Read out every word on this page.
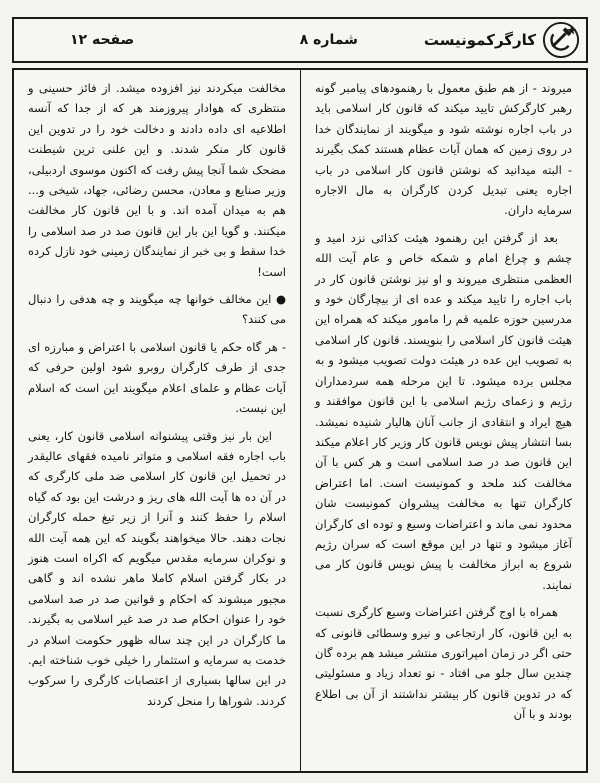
کارگرکمونیست
شماره ۸
صفحه ۱۲

میروند - از هم طبق معمول با رهنمودهای پیامبر گونه رهبر کارگرکش تایید میکند که قانون کار اسلامی باید در باب اجاره نوشته شود و میگویند از نمایندگان خدا در روی زمین که همان آیات عظام هستند کمک بگیرند - البته میدانید که نوشتن قانون کار اسلامی در باب اجاره یعنی تبدیل کردن کارگران به مال الاجاره سرمایه داران.

بعد از گرفتن این رهنمود هیئت کذائی نزد امید و چشم و چراغ امام و شمکه خاص و عام آیت الله العظمی منتظری میروند و او نیز نوشتن قانون کار در باب اجاره را تایید میکند و عده ای از بیچارگان خود و مدرسین حوزه علمیه قم را مامور میکند که همراه این هیئت قانون کار اسلامی را بنویسند. قانون کار اسلامی به تصویب این عده در هیئت دولت تصویب میشود و به مجلس برده میشود. تا این مرحله همه سردمداران رژیم و زعمای رژیم اسلامی با این قانون موافقند و هیچ ایراد و انتقادی از جانب آنان هالیار شنیده نمیشد. بسا انتشار پیش نویس قانون کار وزیر کار اعلام میکند این قانون صد در صد اسلامی است و هر کس با آن مخالفت کند ملحد و کمونیست است. اما اعتراض کارگران تنها به مخالفت پیشروان کمونیست شان محدود نمی ماند و اعتراضات وسیع و توده ای کارگران آغاز میشود و تنها در این موقع است که سران رژیم شروع به ابراز مخالفت با پیش نویس قانون کار می نمایند.

همراه با اوج گرفتن اعتراضات وسیع کارگری نسبت به این قانون، کار ارتجاعی و نیرو وسطائی قانونی که حتی اگر در زمان امپراتوری منتشر میشد هم برده گان چندین سال جلو می افتاد - نو تعداد زیاد و مسئولیتی که در تدوین قانون کار بیشتر نداشتند از آن بی اطلاع بودند و با آن

مخالفت میکردند نیز افزوده میشد. از فائز حسینی و منتظری که هوادار پیروزمند هر که از جدا که آنسه اطلاعیه ای داده دادند و دخالت خود را در تدوین این قانون کار منکر شدند. و این علنی ترین شیطنت مضحک شما آنجا پیش رفت که اکنون موسوی اردبیلی، وزیر صنایع و معادن، محسن رضائی، جهاد، شیخی و... هم به میدان آمده اند. و با این قانون کار مخالفت میکنند. و گویا این بار این قانون صد در صد اسلامی را خدا سقط و بی خبر از نمایندگان زمینی خود نازل کرده است!

● این مخالف خوانها چه میگویند و چه هدفی را دنبال می کنند؟

- هر گاه حکم یا قانون اسلامی با اعتراض و مبارزه ای جدی از طرف کارگران روبرو شود اولین حرفی که آیات عظام و علمای اعلام میگویند این است که اسلام این نیست.

این بار نیز وقتی پیشنوانه اسلامی قانون کار، یعنی باب اجاره فقه اسلامی و متواتر نامیده فقهای عالیقدر در تحمیل این قانون کار اسلامی ضد ملی کارگری که در آن ده ها آیت الله های ریز و درشت این بود که گیاه اسلام را حفظ کنند و آنرا از زیر تیغ حمله کارگران نجات دهند. حالا میخواهند بگویند که این همه آیت الله و نوکران سرمایه مقدس میگویم که اکراه است هنوز در بکار گرفتن اسلام کاملا ماهر نشده اند و گاهی مجبور میشوند که احکام و قوانین صد در صد اسلامی خود را عنوان احکام صد در صد غیر اسلامی به بگیرند. ما کارگران در این چند ساله ظهور حکومت اسلام در خدمت به سرمایه و استثمار را خیلی خوب شناخته ایم. در این سالها بسیاری از اعتصابات کارگری را سرکوب کردند. شوراها را منحل کردند
